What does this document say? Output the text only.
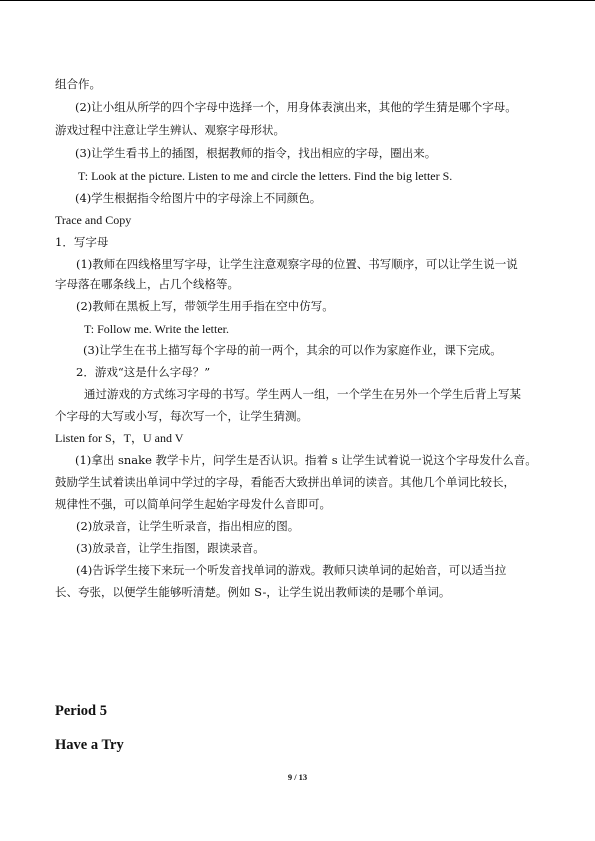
组合作。
(2)让小组从所学的四个字母中选择一个，用身体表演出来，其他的学生猜是哪个字母。
游戏过程中注意让学生辨认、观察字母形状。
(3)让学生看书上的插图，根据教师的指令，找出相应的字母，圈出来。
T: Look at the picture. Listen to me and circle the letters. Find the big letter S.
(4)学生根据指令给图片中的字母涂上不同颜色。
Trace and Copy
1．写字母
(1)教师在四线格里写字母，让学生注意观察字母的位置、书写顺序，可以让学生说一说
字母落在哪条线上，占几个线格等。
(2)教师在黑板上写，带领学生用手指在空中仿写。
T: Follow me. Write the letter.
(3)让学生在书上描写每个字母的前一两个，其余的可以作为家庭作业，课下完成。
2．游戏“这是什么字母？”
通过游戏的方式练习字母的书写。学生两人一组，一个学生在另外一个学生后背上写某
个字母的大写或小写，每次写一个，让学生猜测。
Listen for S，T，U and V
(1)拿出 snake 教学卡片，问学生是否认识。指着 s 让学生试着说一说这个字母发什么音。
鼓励学生试着读出单词中学过的字母，看能否大致拼出单词的读音。其他几个单词比较长，
规律性不强，可以简单问学生起始字母发什么音即可。
(2)放录音，让学生听录音，指出相应的图。
(3)放录音，让学生指图，跟读录音。
(4)告诉学生接下来玩一个听发音找单词的游戏。教师只读单词的起始音，可以适当拉
长、夸张，以便学生能够听清楚。例如 S-，让学生说出教师读的是哪个单词。
Period 5
Have a Try
9 / 13
